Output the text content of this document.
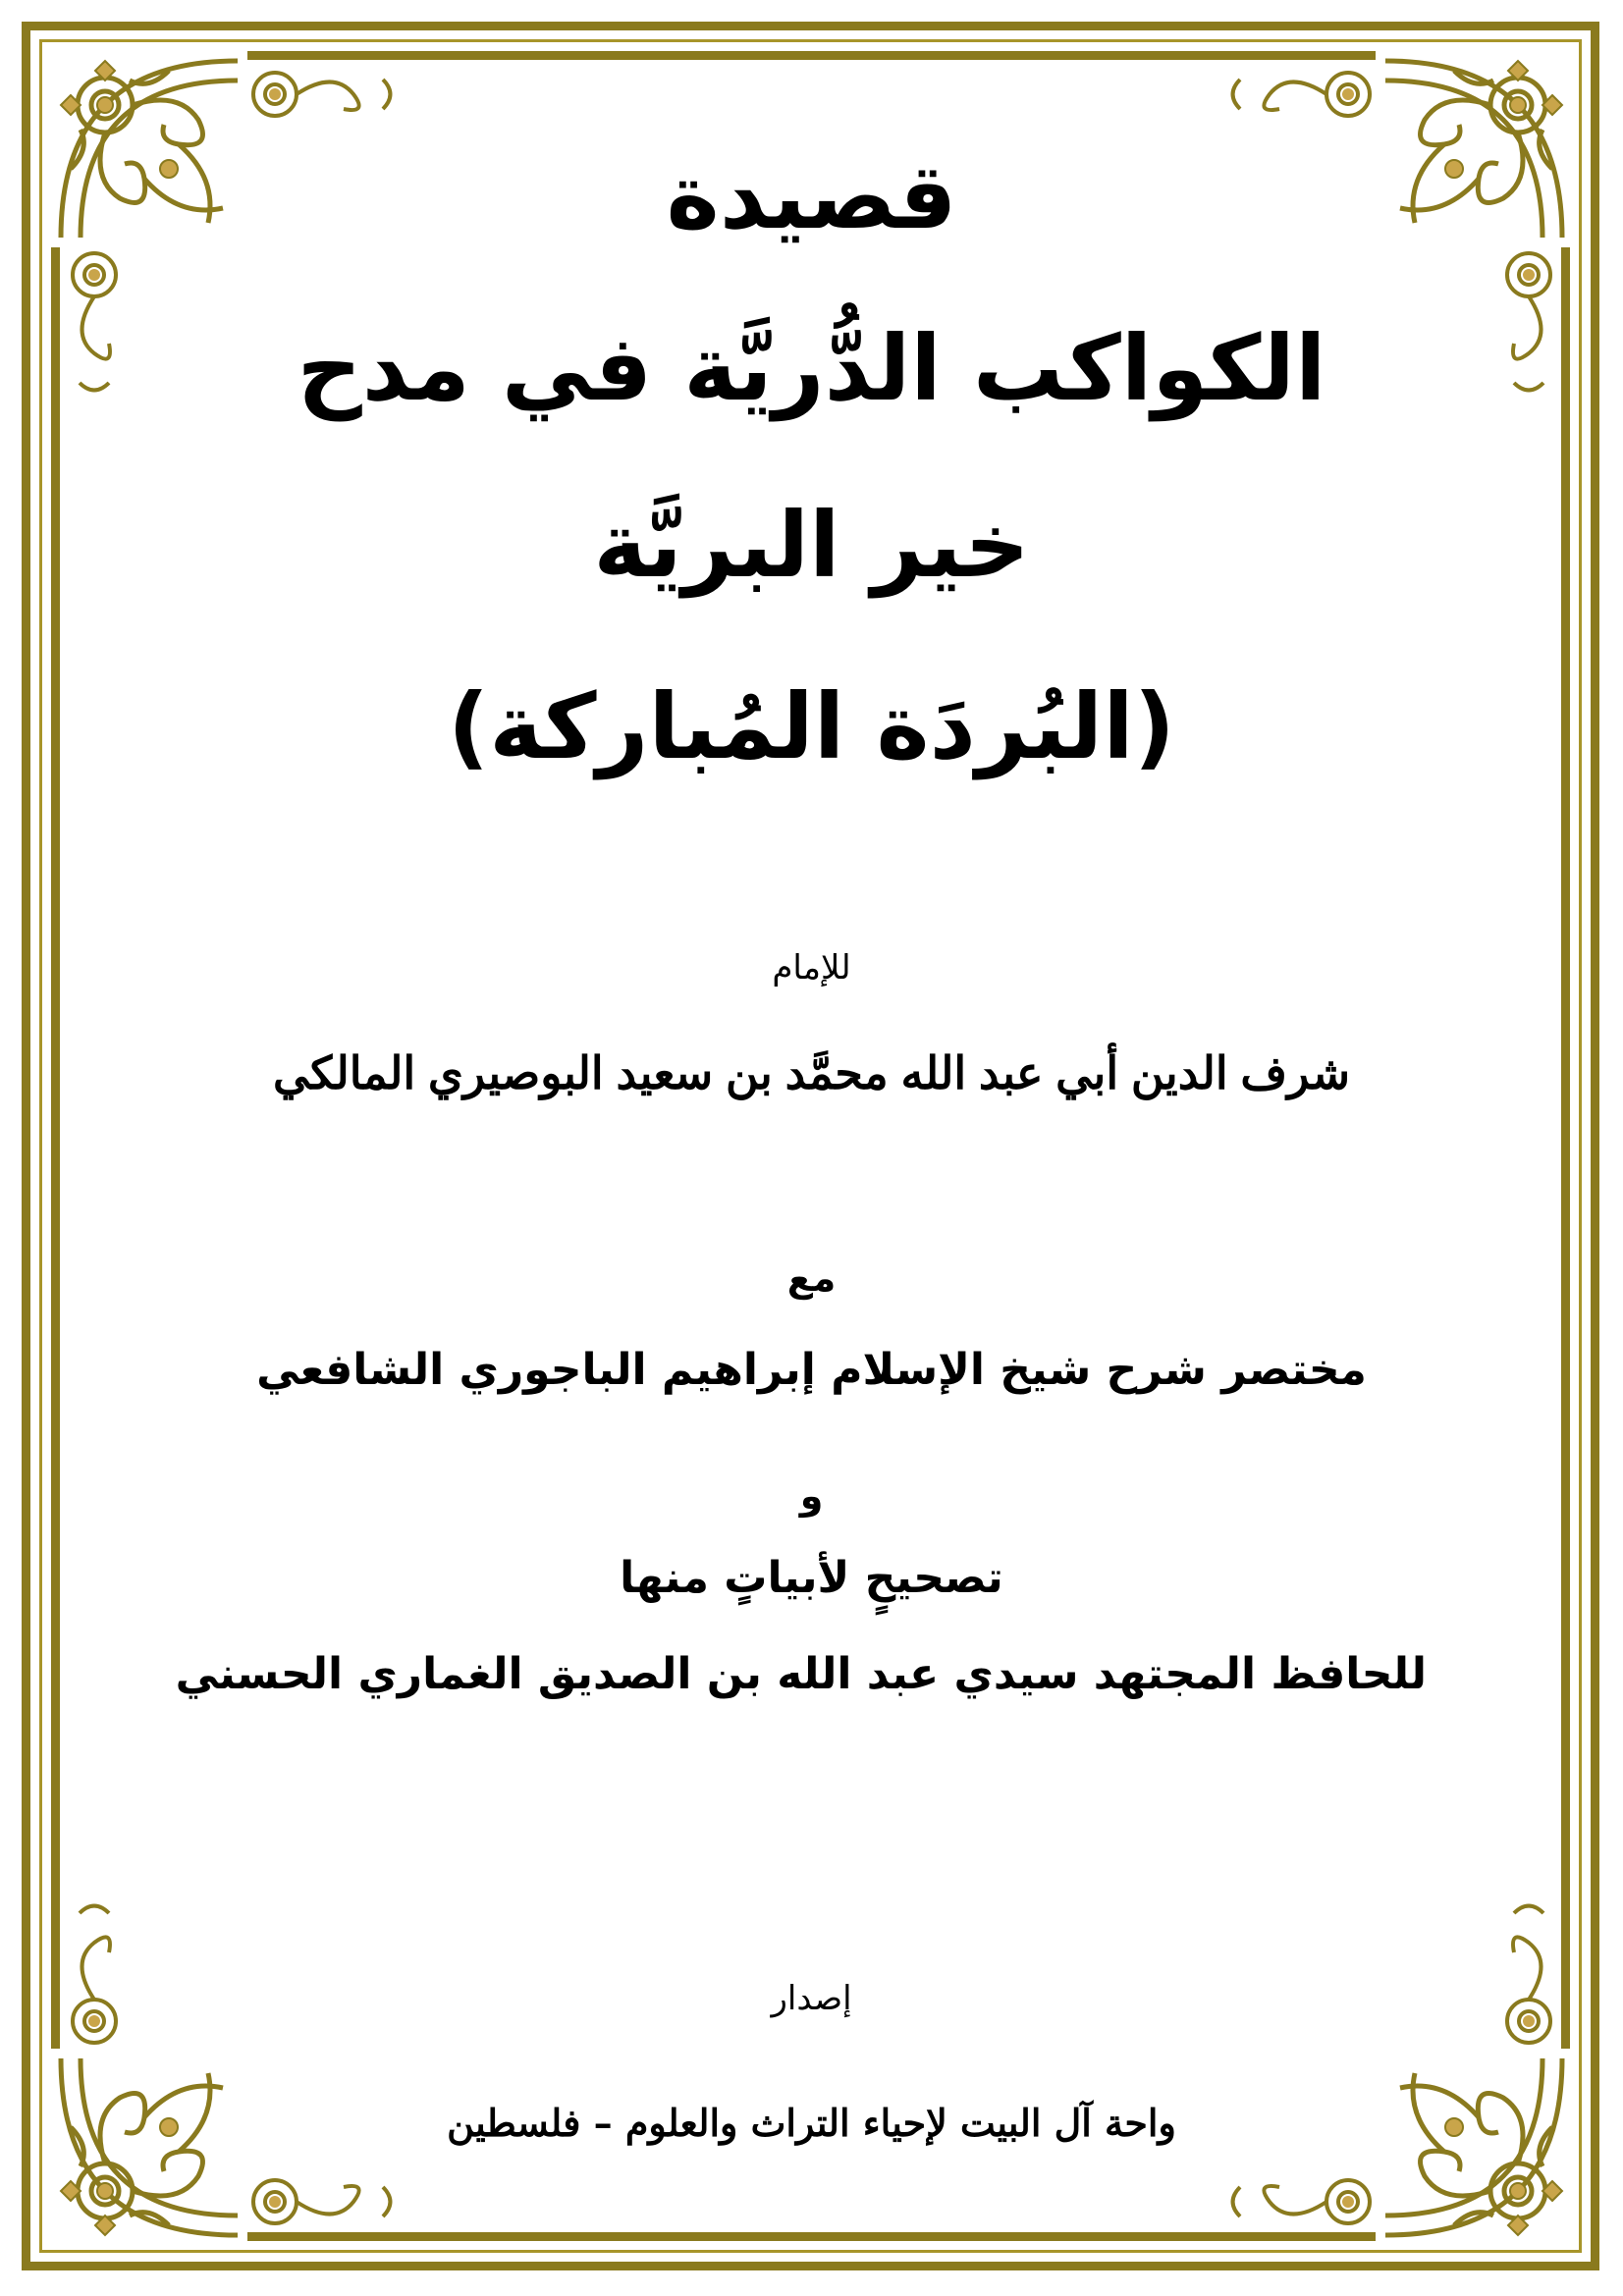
قصيدة
الكواكب الدُّريَّة في مدح
خير البريَّة
(البُردَة المُباركة)
للإمام
شرف الدين أبي عبد الله محمَّد بن سعيد البوصيري المالكي
مع
مختصر شرح شيخ الإسلام إبراهيم الباجوري الشافعي
و
تصحيحٍ لأبياتٍ منها
للحافظ المجتهد سيدي عبد الله بن الصديق الغماري الحسني
إصدار
واحة آل البيت لإحياء التراث والعلوم – فلسطين
